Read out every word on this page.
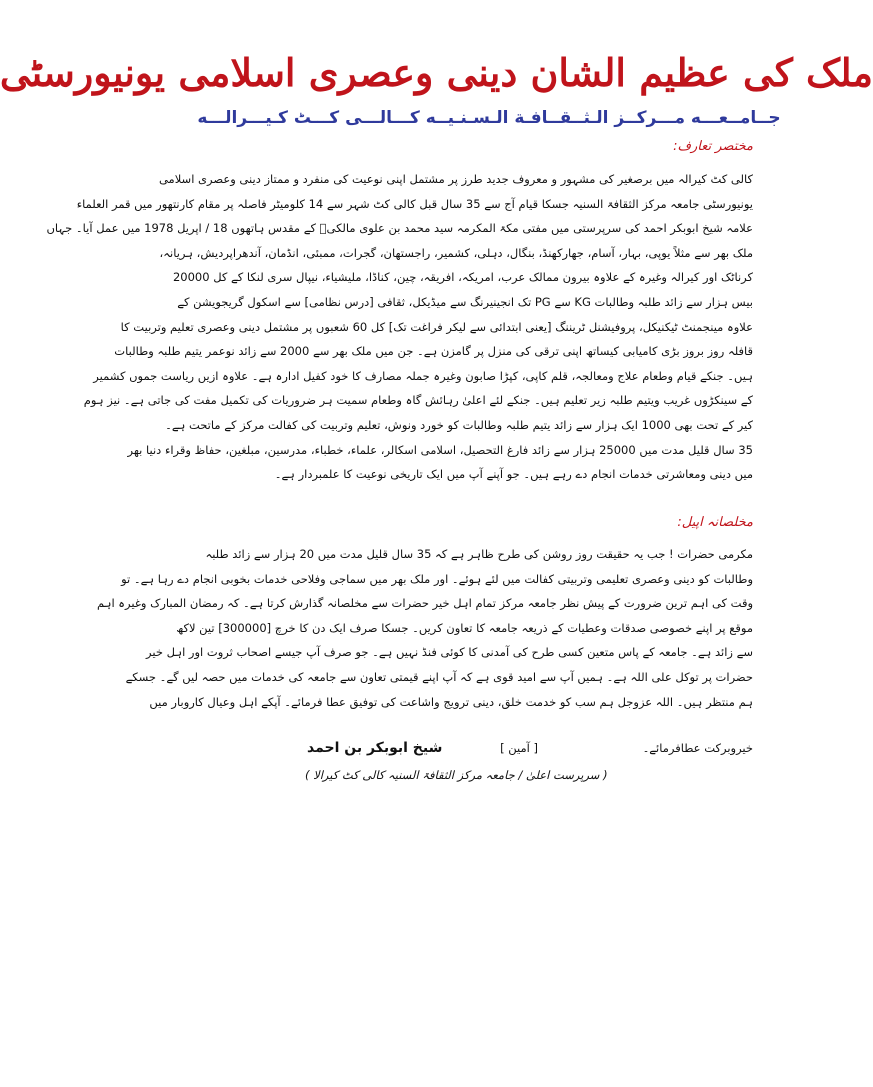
ملک کی عظیم الشان دینی وعصری اسلامی یونیورسٹی
جــامــعـــه مـــرکــز الـثــقــافـة الـسـنـيــه کـــالـــی کـــٹ کـيـــرالـــه
مختصر تعارف:
کالی کٹ کیرالہ میں برصغیر کی مشہور و معروف جدید طرز پر مشتمل اپنی نوعیت کی منفرد و ممتاز دینی وعصری اسلامی
یونیورسٹی جامعہ مرکز الثقافۃ السنیہ جسکا قیام آج سے 35 سال قبل کالی کٹ شہر سے 14 کلومیٹر فاصلہ پر مقام کارنتھور میں قمر العلماء
علامہ شیخ ابوبکر احمد کی سرپرستی میں مفتی مکۃ المکرمہ سید محمد بن علوی مالکیؒ کے مقدس ہاتھوں 18 / اپریل 1978 میں عمل آیا۔ جہاں
ملک بھر سے مثلاً یوپی، بہار، آسام، جھارکھنڈ، بنگال، دہلی، کشمیر، راجستھان، گجرات، ممبئی، انڈمان، آندھراپردیش، ہریانہ،
کرناٹک اور کیرالہ وغیرہ کے علاوہ بیرون ممالک عرب، امریکہ، افریقہ، چین، کناڈا، ملیشیاء، نیپال سری لنکا کے کل 20000
بیس ہزار سے زائد طلبہ وطالبات KG سے PG تک انجینیرنگ سے میڈیکل، ثقافی [درس نظامی] سے اسکول گریجویشن کے
علاوہ مینجمنٹ ٹیکنیکل، پروفیشنل ٹریننگ [یعنی ابتدائی سے لیکر فراغت تک] کل 60 شعبوں پر مشتمل دینی وعصری تعلیم وتربیت کا
قافلہ روز بروز بڑی کامیابی کیساتھ اپنی ترقی کی منزل پر گامزن ہے۔ جن میں ملک بھر سے 2000 سے زائد نوعمر یتیم طلبہ وطالبات
ہیں۔ جنکے قیام وطعام علاج ومعالجہ، قلم کاپی، کپڑا صابون وغیرہ جملہ مصارف کا خود کفیل ادارہ ہے۔ علاوہ ازیں ریاست جموں کشمیر
کے سینکڑوں غریب ویتیم طلبہ زیر تعلیم ہیں۔ جنکے لئے اعلیٰ رہائش گاہ وطعام سمیت ہر ضروریات کی تکمیل مفت کی جاتی ہے۔ نیز ہوم
کیر کے تحت بھی 1000 ایک ہزار سے زائد یتیم طلبہ وطالبات کو خورد ونوش، تعلیم وتربیت کی کفالت مرکز کے ماتحت ہے۔
35 سال قلیل مدت میں 25000 ہزار سے زائد فارغ التحصیل، اسلامی اسکالر، علماء، خطباء، مدرسین، مبلغین، حفاظ وقراء دنیا بھر
میں دینی ومعاشرتی خدمات انجام دے رہے ہیں۔ جو آپنے آپ میں ایک تاریخی نوعیت کا علمبردار ہے۔
مخلصانہ اپیل:
مکرمی حضرات ! جب یہ حقیقت روز روشن کی طرح ظاہر ہے کہ 35 سال قلیل مدت میں 20 ہزار سے زائد طلبہ
وطالبات کو دینی وعصری تعلیمی وتربیتی کفالت میں لئے ہوئے۔ اور ملک بھر میں سماجی وفلاحی خدمات بخوبی انجام دے رہا ہے۔ تو
وقت کی اہم ترین ضرورت کے پیش نظر جامعہ مرکز تمام اہل خیر حضرات سے مخلصانہ گذارش کرتا ہے۔ کہ رمضان المبارک وغیرہ اہم
موقع پر اپنے خصوصی صدقات وعطیات کے ذریعہ جامعہ کا تعاون کریں۔ جسکا صرف ایک دن کا خرچ [300000] تین لاکھ
سے زائد ہے۔ جامعہ کے پاس متعین کسی طرح کی آمدنی کا کوئی فنڈ نہیں ہے۔ جو صرف آپ جیسے اصحاب ثروت اور اہل خیر
حضرات پر توکل علی اللہ ہے۔ ہمیں آپ سے امید قوی ہے کہ آپ اپنے قیمتی تعاون سے جامعہ کی خدمات میں حصہ لیں گے۔ جسکے
ہم منتظر ہیں۔ اللہ عزوجل ہم سب کو خدمت خلق، دینی ترویج واشاعت کی توفیق عطا فرمائے۔ آپکے اہل وعیال کاروبار میں
خیروبرکت عطافرمائے۔
[ آمین ]
شیخ ابوبکر بن احمد
( سرپرست اعلیٰ / جامعہ مرکز الثقافۃ السنیہ کالی کٹ کیرالا )
